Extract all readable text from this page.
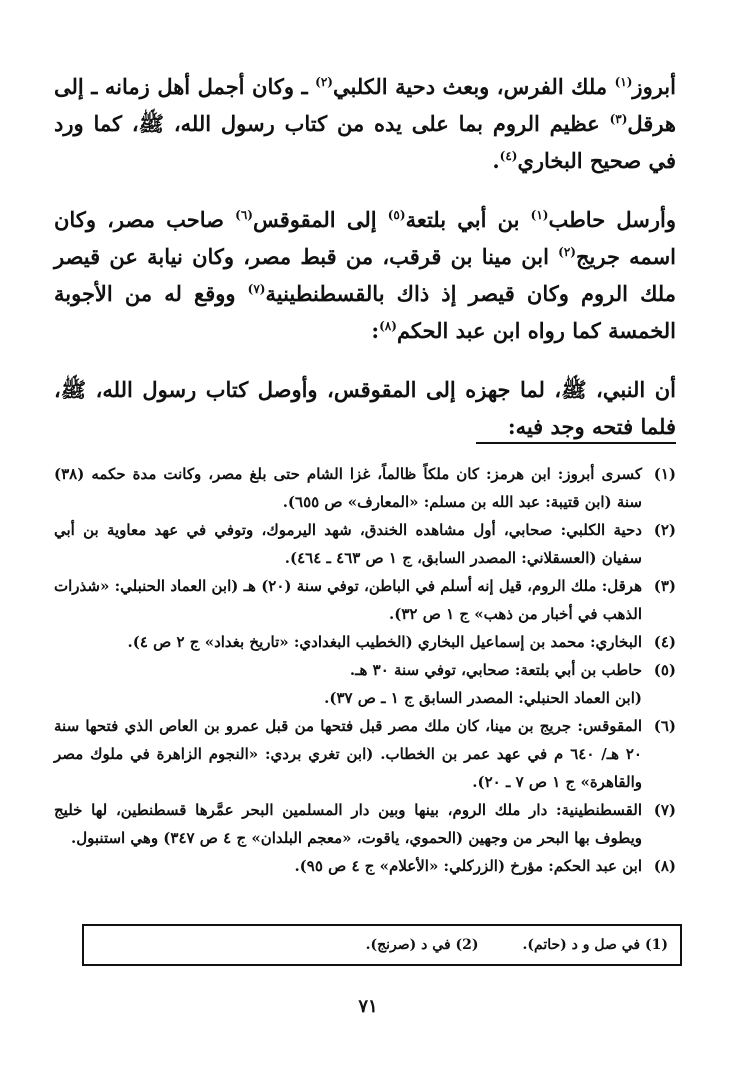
أبروز$^{(١)}$ ملك الفرس، وبعث دحية الكلبي$^{(٢)}$ ـ وكان أجمل أهل زمانه ـ إلى هرقل$^{(٣)}$ عظيم الروم بما على يده من كتاب رسول الله، ﷺ، كما ورد في صحيح البخاري$^{(٤)}$.

وأرسل حاطب$^{(١)}$ بن أبي بلتعة$^{(٥)}$ إلى المقوقس$^{(٦)}$ صاحب مصر، وكان اسمه جريج$^{(٢)}$ ابن مينا بن قرقب، من قبط مصر، وكان نيابة عن قيصر ملك الروم وكان قيصر إذ ذاك بالقسطنطينية$^{(٧)}$ ووقع له من الأجوبة الخمسة كما رواه ابن عبد الحكم$^{(٨)}$:

أن النبي، ﷺ، لما جهزه إلى المقوقس، وأوصل كتاب رسول الله، ﷺ، فلما فتحه وجد فيه:

(١)
كسرى أبروز: ابن هرمز: كان ملكاً ظالماً، غزا الشام حتى بلغ مصر، وكانت مدة حكمه (٣٨) سنة (ابن قتيبة: عبد الله بن مسلم: «المعارف» ص ٦٥٥).
(٢)
دحية الكلبي: صحابي، أول مشاهده الخندق، شهد اليرموك، وتوفي في عهد معاوية بن أبي سفيان (العسقلاني: المصدر السابق، ج ١ ص ٤٦٣ ـ ٤٦٤).
(٣)
هرقل: ملك الروم، قيل إنه أسلم في الباطن، توفي سنة (٢٠) هـ (ابن العماد الحنبلي: «شذرات الذهب في أخبار من ذهب» ج ١ ص ٣٢).
(٤)
البخاري: محمد بن إسماعيل البخاري (الخطيب البغدادي: «تاريخ بغداد» ج ٢ ص ٤).
(٥)
حاطب بن أبي بلتعة: صحابي، توفي سنة ٣٠ هـ.
(ابن العماد الحنبلي: المصدر السابق ج ١ ـ ص ٣٧).
(٦)
المقوقس: جريج بن مينا، كان ملك مصر قبل فتحها من قبل عمرو بن العاص الذي فتحها سنة ٢٠ هـ/ ٦٤٠ م في عهد عمر بن الخطاب. (ابن تغري بردي: «النجوم الزاهرة في ملوك مصر والقاهرة» ج ١ ص ٧ ـ ٢٠).
(٧)
القسطنطينية: دار ملك الروم، بينها وبين دار المسلمين البحر عمَّرها قسطنطين، لها خليج ويطوف بها البحر من وجهين (الحموي، ياقوت، «معجم البلدان» ج ٤ ص ٣٤٧) وهي استنبول.
(٨)
ابن عبد الحكم: مؤرخ (الزركلي: «الأعلام» ج ٤ ص ٩٥).
(1) في صل و د (حاتم).
(2) في د (صرنج).
٧١
